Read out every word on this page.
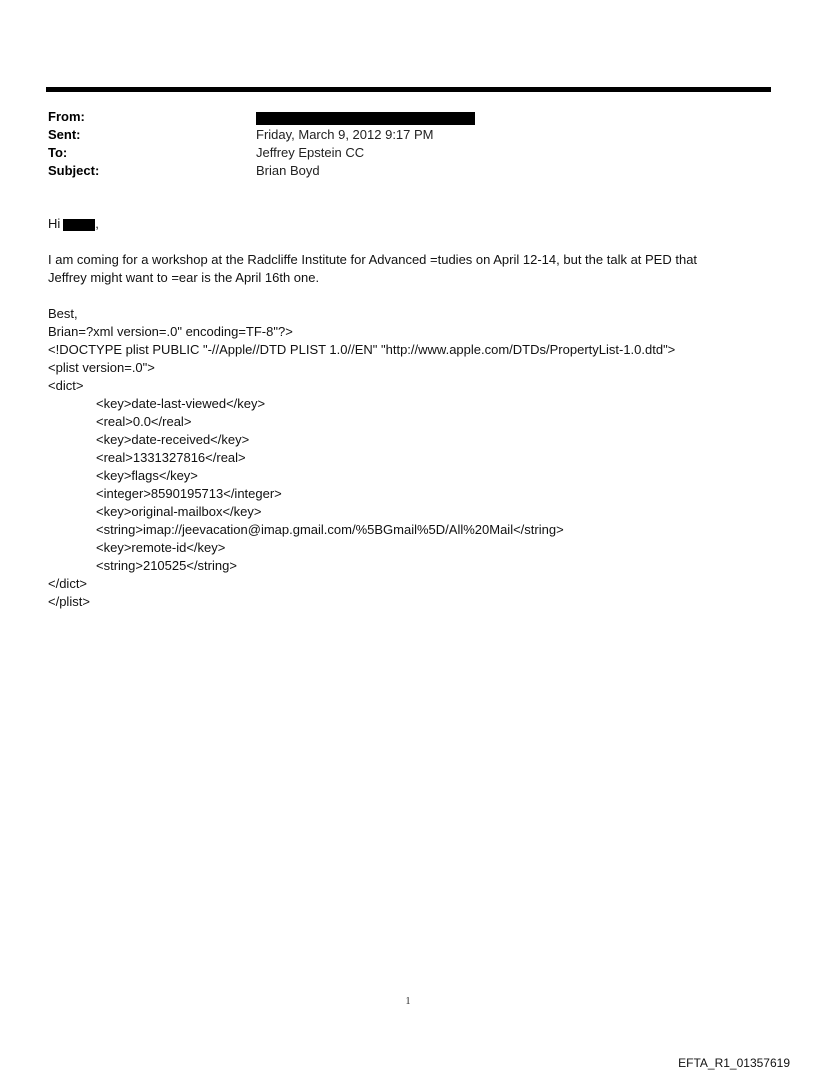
From:
Sent:	Friday, March 9, 2012 9:17 PM
To:	Jeffrey Epstein CC
Subject:	Brian Boyd
Hi	,
I am coming for a workshop at the Radcliffe Institute for Advanced =tudies on April 12-14, but the talk at PED that
Jeffrey might want to =ear is the April 16th one.
Best,
Brian=?xml version=.0" encoding=TF-8"?>
<!DOCTYPE plist PUBLIC "-//Apple//DTD PLIST 1.0//EN" "http://www.apple.com/DTDs/PropertyList-1.0.dtd">
<plist version=.0">
<dict>
<key>date-last-viewed</key>
<real>0.0</real>
<key>date-received</key>
<real>1331327816</real>
<key>flags</key>
<integer>8590195713</integer>
<key>original-mailbox</key>
<string>imap://jeevacation@imap.gmail.com/%5BGmail%5D/All%20Mail</string>
<key>remote-id</key>
<string>210525</string>
</dict>
</plist>
1
EFTA_R1_01357619
